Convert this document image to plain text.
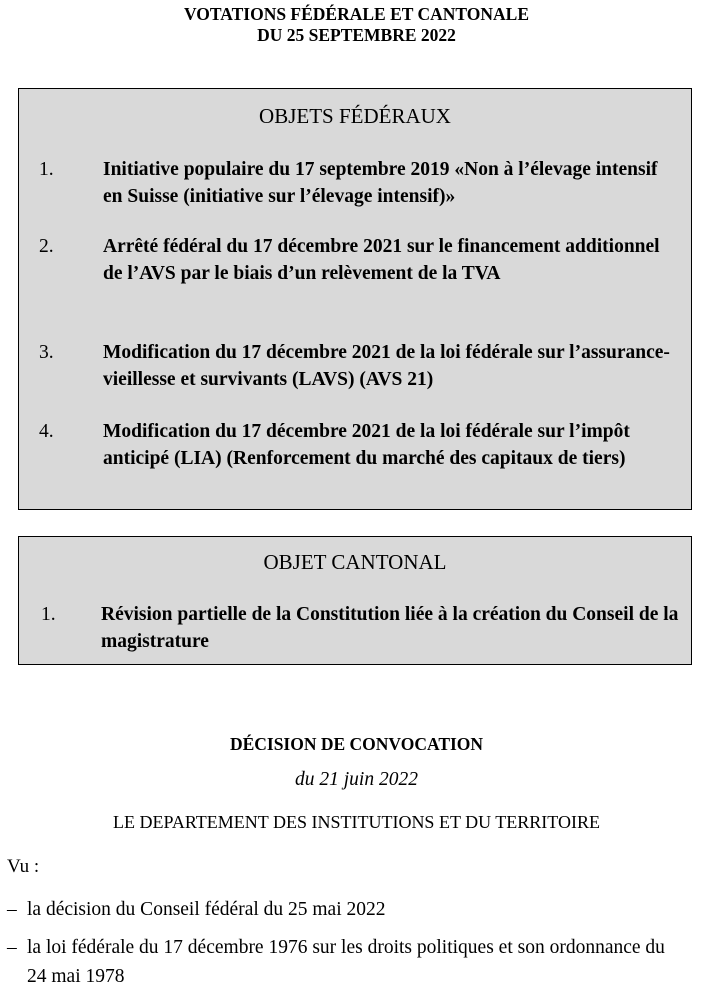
VOTATIONS FÉDÉRALE ET CANTONALE
DU 25 SEPTEMBRE 2022
OBJETS FÉDÉRAUX
1.	Initiative populaire du 17 septembre 2019 «Non à l’élevage intensif en Suisse (initiative sur l’élevage intensif)»
2.	Arrêté fédéral du 17 décembre 2021 sur le financement additionnel de l’AVS par le biais d’un relèvement de la TVA
3.	Modification du 17 décembre 2021 de la loi fédérale sur l’assurance-vieillesse et survivants (LAVS) (AVS 21)
4.	Modification du 17 décembre 2021 de la loi fédérale sur l’impôt anticipé (LIA) (Renforcement du marché des capitaux de tiers)
OBJET CANTONAL
1. Révision partielle de la Constitution liée à la création du Conseil de la magistrature
DÉCISION DE CONVOCATION
du 21 juin 2022
LE DEPARTEMENT DES INSTITUTIONS ET DU TERRITOIRE
Vu :
– la décision du Conseil fédéral du 25 mai 2022
– la loi fédérale du 17 décembre 1976 sur les droits politiques et son ordonnance du 24 mai 1978
